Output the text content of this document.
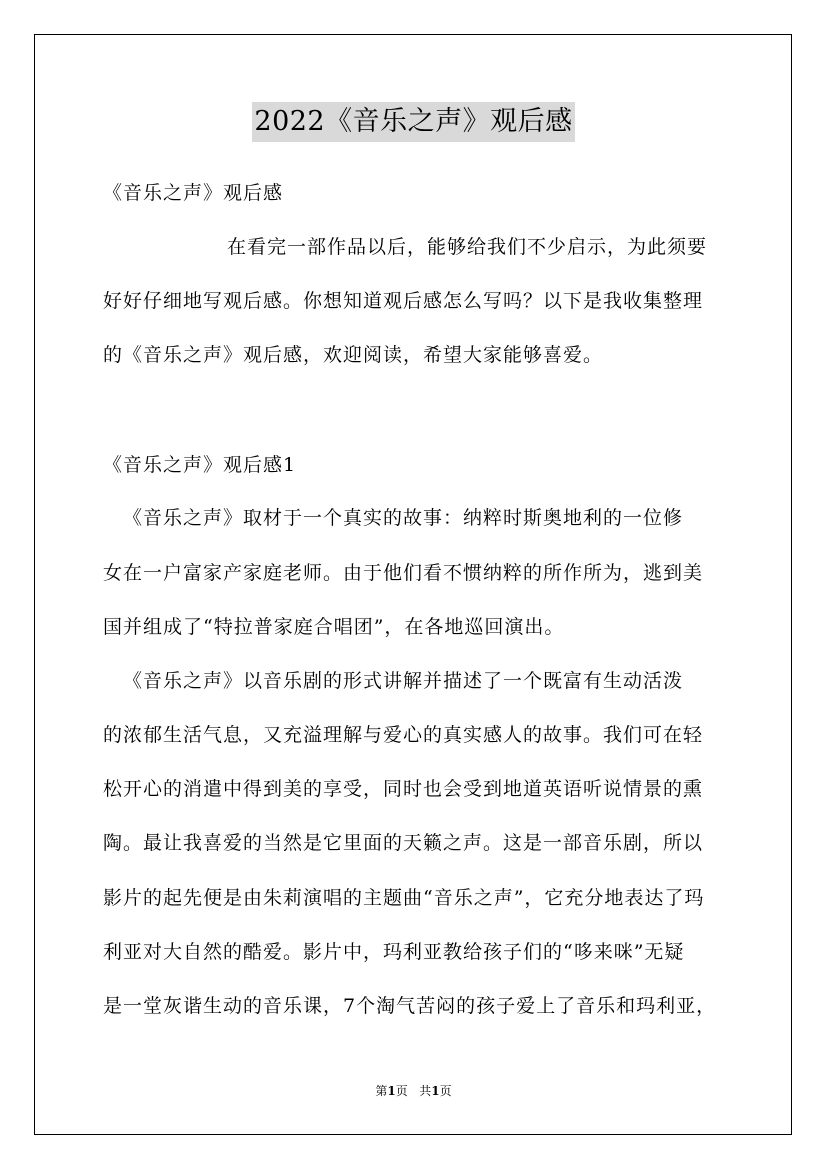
2022《音乐之声》观后感
《音乐之声》观后感
在看完一部作品以后，能够给我们不少启示，为此须要
好好仔细地写观后感。你想知道观后感怎么写吗？以下是我收集整理
的《音乐之声》观后感，欢迎阅读，希望大家能够喜爱。
《音乐之声》观后感1
《音乐之声》取材于一个真实的故事：纳粹时斯奥地利的一位修
女在一户富家产家庭老师。由于他们看不惯纳粹的所作所为，逃到美
国并组成了“特拉普家庭合唱团”，在各地巡回演出。
《音乐之声》以音乐剧的形式讲解并描述了一个既富有生动活泼
的浓郁生活气息，又充溢理解与爱心的真实感人的故事。我们可在轻
松开心的消遣中得到美的享受，同时也会受到地道英语听说情景的熏
陶。最让我喜爱的当然是它里面的天籁之声。这是一部音乐剧，所以
影片的起先便是由朱莉演唱的主题曲“音乐之声”，它充分地表达了玛
利亚对大自然的酷爱。影片中，玛利亚教给孩子们的“哆来咪”无疑
是一堂灰谐生动的音乐课，7个淘气苦闷的孩子爱上了音乐和玛利亚，
第1页 共1页
